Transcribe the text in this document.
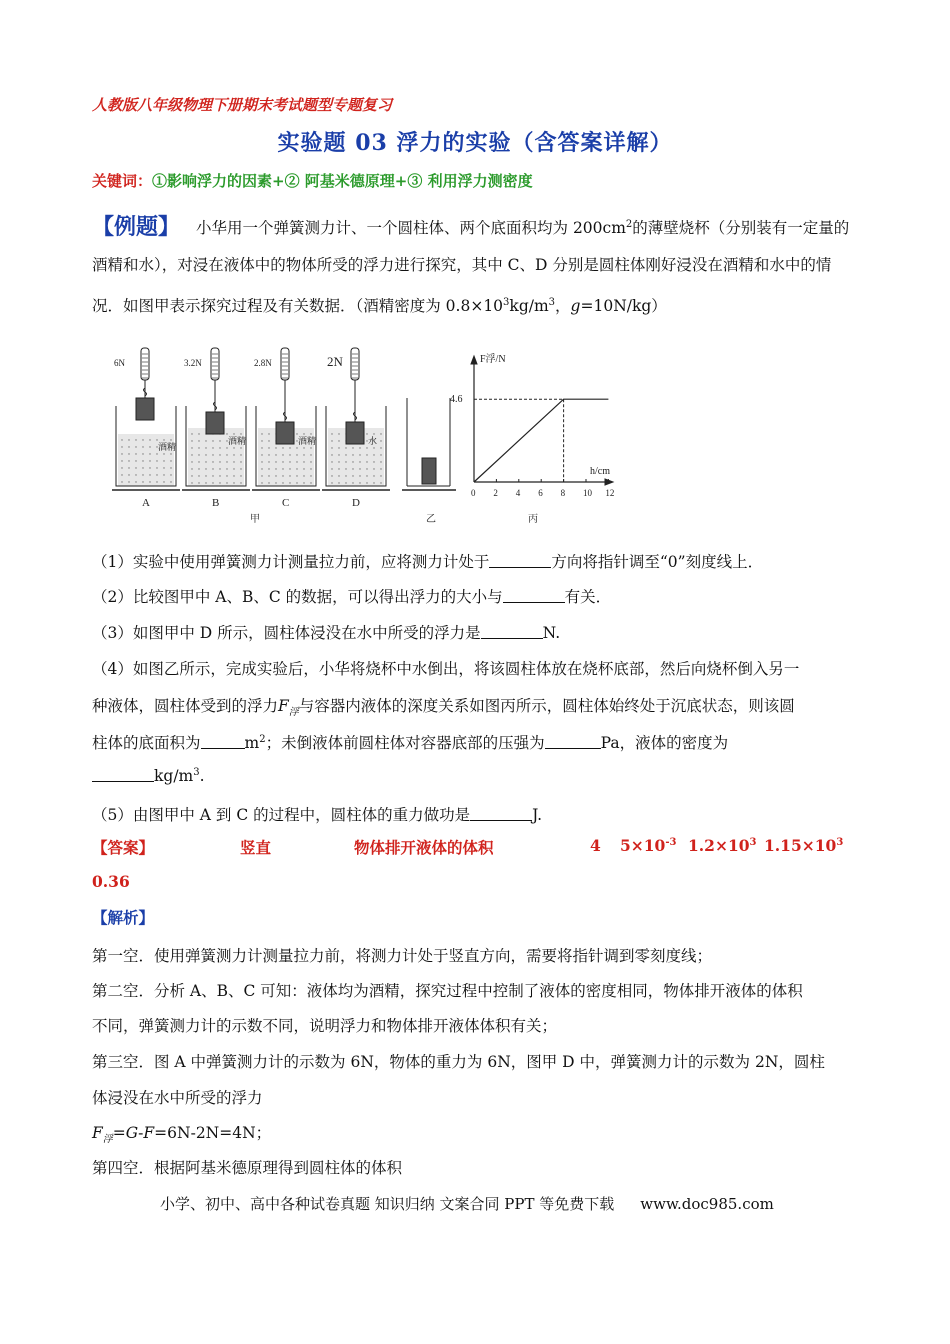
人教版八年级物理下册期末考试题型专题复习
实验题 03 浮力的实验（含答案详解）
关键词：①影响浮力的因素+② 阿基米德原理+③ 利用浮力测密度
【例题】 小华用一个弹簧测力计、一个圆柱体、两个底面积均为 $200cm^2$的薄壁烧杯（分别装有一定量的酒精和水），对浸在液体中的物体所受的浮力进行探究，其中 C、D 分别是圆柱体刚好浸没在酒精和水中的情况．如图甲表示探究过程及有关数据．（酒精密度为 $0.8\times 10^3kg/m^3$，g=10N/kg）
6N
酒精
A
3.2N
酒精
B
2.8N
酒精
C
2N
水
D
F浮/N
h/cm
4.6
0 2 4 6 8 10 12
甲	乙	丙
（1）实验中使用弹簧测力计测量拉力前，应将测力计处于	方向将指针调至“0”刻度线上．
（2）比较图甲中 A、B、C 的数据，可以得出浮力的大小与	有关．
（3）如图甲中 D 所示，圆柱体浸没在水中所受的浮力是	N.
（4）如图乙所示，完成实验后，小华将烧杯中水倒出，将该圆柱体放在烧杯底部，然后向烧杯倒入另一
种液体，圆柱体受到的浮力$F_浮$与容器内液体的深度关系如图丙所示，圆柱体始终处于沉底状态，则该圆
柱体的底面积为	$m^2$；未倒液体前圆柱体对容器底部的压强为	Pa，液体的密度为
$kg/m^3$.
（5）由图甲中 A 到 C 的过程中，圆柱体的重力做功是	J.
【答案】	竖直	物体排开液体的体积	4 $5\times 10^{-3}$ $1.2\times 10^3$ $1.15\times 10^3$
0.36
【解析】
第一空．使用弹簧测力计测量拉力前，将测力计处于竖直方向，需要将指针调到零刻度线；
第二空．分析 A、B、C 可知：液体均为酒精，探究过程中控制了液体的密度相同，物体排开液体的体积
不同，弹簧测力计的示数不同，说明浮力和物体排开液体体积有关；
第三空．图 A 中弹簧测力计的示数为 6N，物体的重力为 6N，图甲 D 中，弹簧测力计的示数为 2N，圆柱
体浸没在水中所受的浮力
$F_浮=G-F=6N-2N=4N$；
第四空．根据阿基米德原理得到圆柱体的体积
小学、初中、高中各种试卷真题 知识归纳 文案合同 PPT 等免费下载 www.doc985.com
